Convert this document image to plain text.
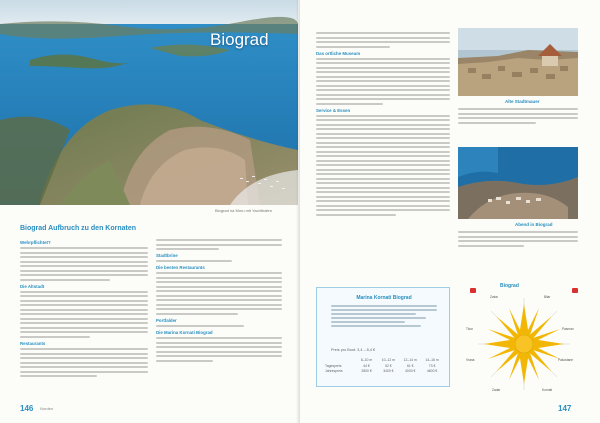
Biograd
Biograd na Moru mit Yachthafen
Biograd Aufbruch zu den Kornaten
Wehrpflichtet?
Die Altstadt
Restaurants
Stadtbrine
Die besten Restaurants
Portfalder
Die Marina Kornati Biograd
146 Norden
Das ortliche Museum
Service & Essen
Alte Stadtmauer
Abend in Biograd
Marina Kornati Biograd
Preis pro Boot: 3,4 – 8,4 €
8–10 m	10–12 m	12–14 m	14–16 m
Tagespreis	44 €	52 €	61 €	73 €
Jahrespreis	2800 €	3400 €	4000 €	4600 €
Biograd
Zaton	Bilar
Tkon	Pasman
Vrana	Pakostane
Zadar	Kornati
147
